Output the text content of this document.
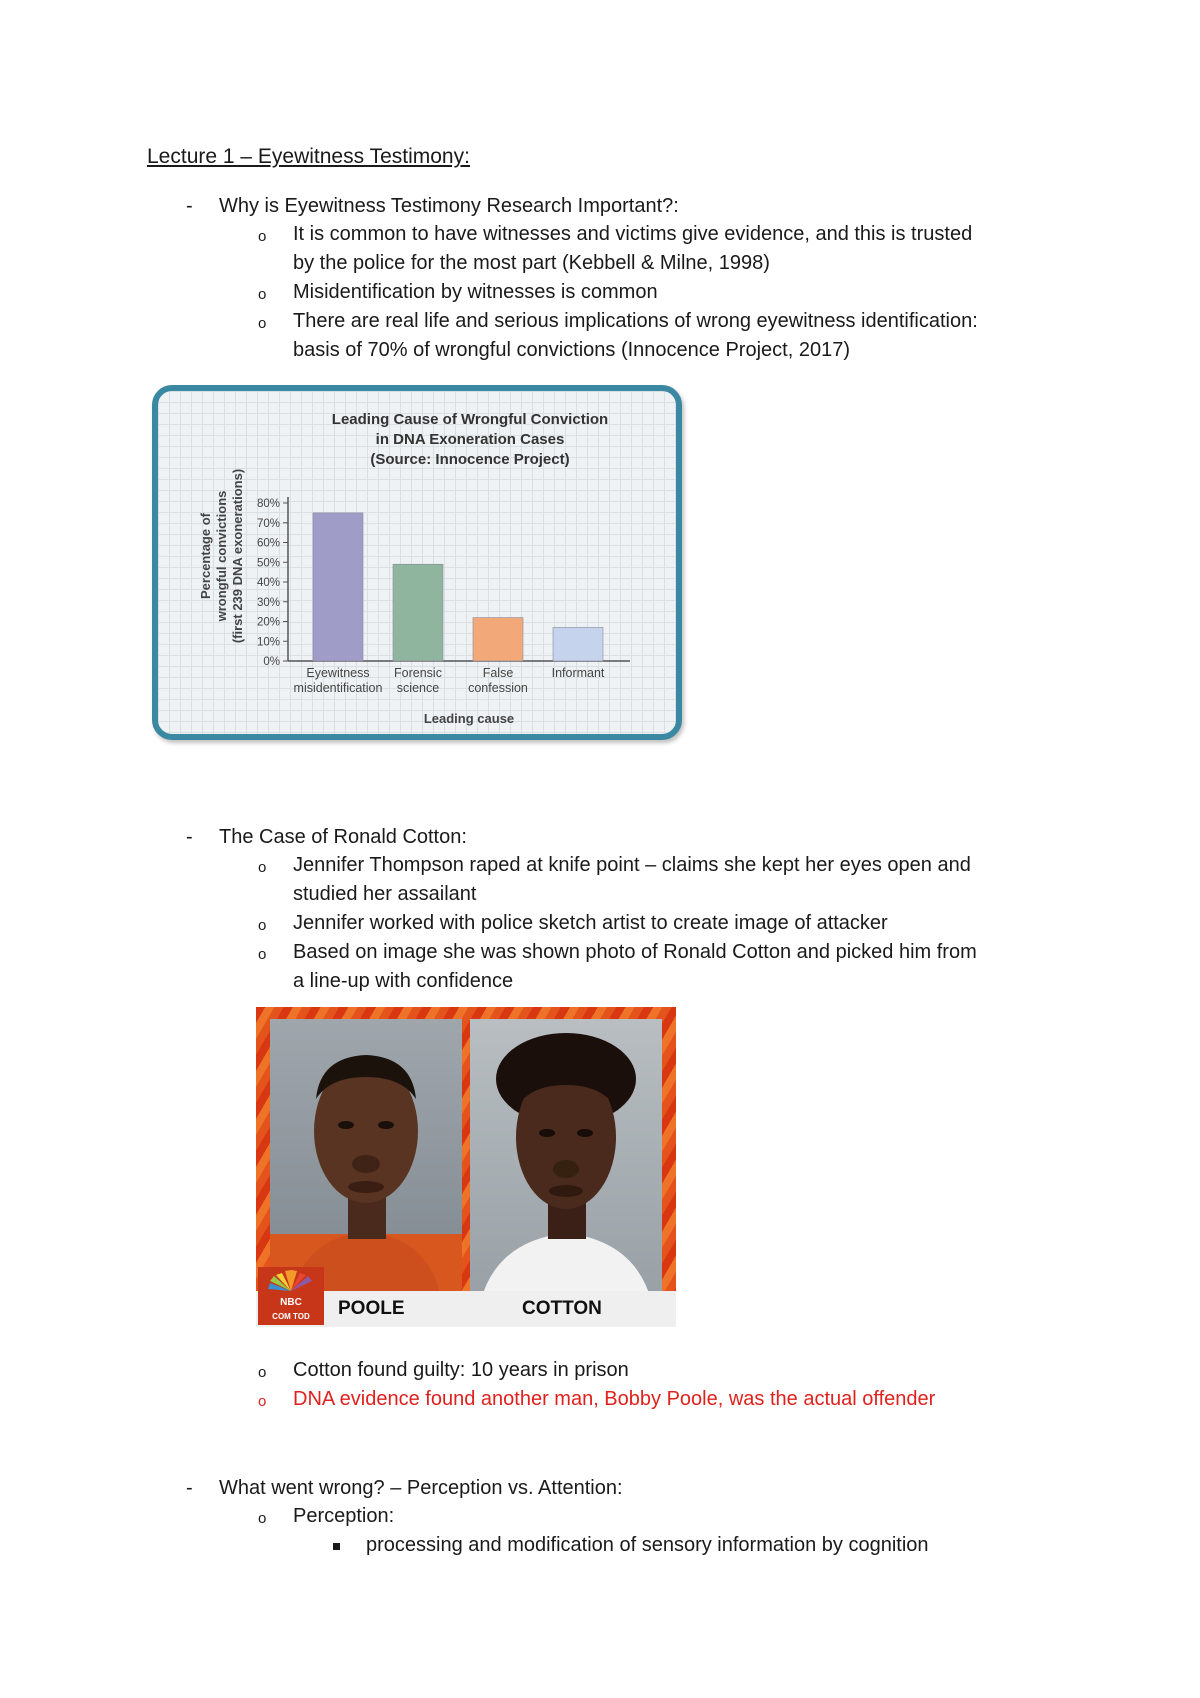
Lecture 1 – Eyewitness Testimony:
- Why is Eyewitness Testimony Research Important?:
o It is common to have witnesses and victims give evidence, and this is trusted
by the police for the most part (Kebbell & Milne, 1998)
o Misidentification by witnesses is common
o There are real life and serious implications of wrong eyewitness identification:
basis of 70% of wrongful convictions (Innocence Project, 2017)
Leading Cause of Wrongful Conviction
in DNA Exoneration Cases
(Source: Innocence Project)
Percentage of wrongful convictions (first 239 DNA exonerations)
0%
10%
20%
30%
40%
50%
60%
70%
80%
Eyewitness
misidentification
Forensic
science
False
confession
Informant
Leading cause
- The Case of Ronald Cotton:
o Jennifer Thompson raped at knife point – claims she kept her eyes open and
studied her assailant
o Jennifer worked with police sketch artist to create image of attacker
o Based on image she was shown photo of Ronald Cotton and picked him from
a line-up with confidence
POOLE	COTTON
NBC
COM TOD
o Cotton found guilty: 10 years in prison
o DNA evidence found another man, Bobby Poole, was the actual offender
- What went wrong? – Perception vs. Attention:
o Perception:
processing and modification of sensory information by cognition
